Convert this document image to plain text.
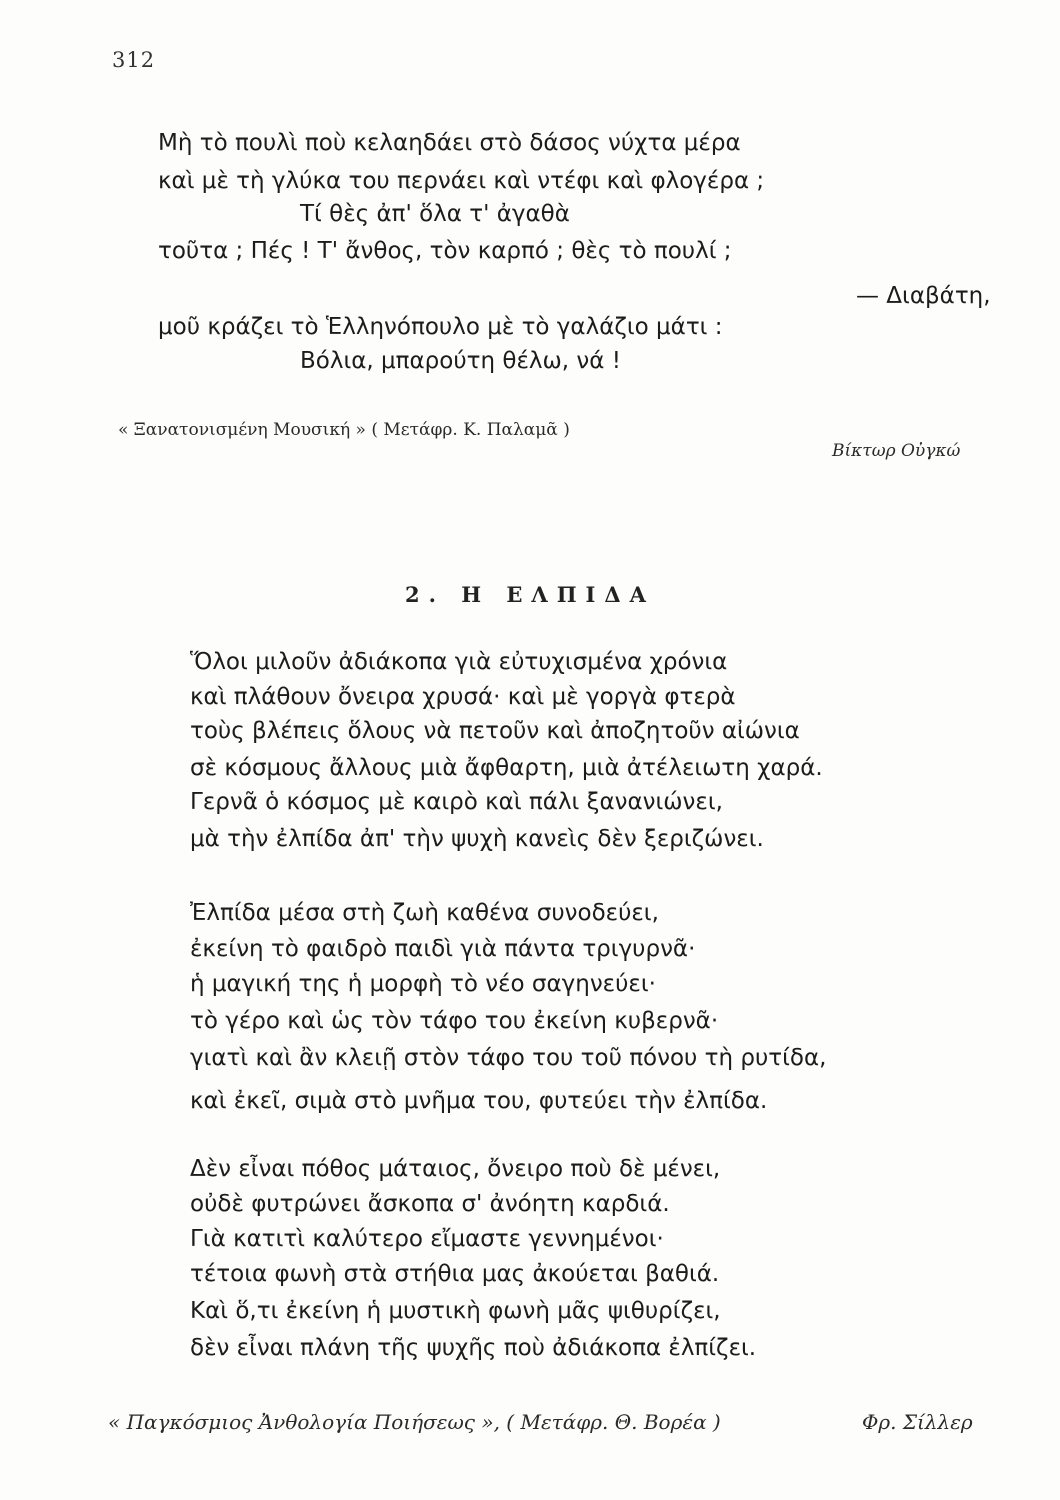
312
Μὴ τὸ πουλὶ ποὺ κελαηδάει στὸ δάσος νύχτα μέρα
καὶ μὲ τὴ γλύκα του περνάει καὶ ντέφι καὶ φλογέρα ;
Τί θὲς ἀπ' ὅλα τ' ἀγαθὰ
τοῦτα ; Πές ! Τ' ἄνθος, τὸν καρπό ; θὲς τὸ πουλί ;
— Διαβάτη,
μοῦ κράζει τὸ Ἑλληνόπουλο μὲ τὸ γαλάζιο μάτι :
Βόλια, μπαρούτη θέλω, νά !
« Ξανατονισμένη Μουσική » ( Μετάφρ. Κ. Παλαμᾶ )
Βίκτωρ Οὐγκώ
2. Η ΕΛΠΙΔΑ
Ὅλοι μιλοῦν ἀδιάκοπα γιὰ εὐτυχισμένα χρόνια
καὶ πλάθουν ὄνειρα χρυσά· καὶ μὲ γοργὰ φτερὰ
τοὺς βλέπεις ὅλους νὰ πετοῦν καὶ ἀποζητοῦν αἰώνια
σὲ κόσμους ἄλλους μιὰ ἄφθαρτη, μιὰ ἀτέλειωτη χαρά.
Γερνᾶ ὁ κόσμος μὲ καιρὸ καὶ πάλι ξανανιώνει,
μὰ τὴν ἐλπίδα ἀπ' τὴν ψυχὴ κανεὶς δὲν ξεριζώνει.
Ἐλπίδα μέσα στὴ ζωὴ καθένα συνοδεύει,
ἐκείνη τὸ φαιδρὸ παιδὶ γιὰ πάντα τριγυρνᾶ·
ἡ μαγική της ἡ μορφὴ τὸ νέο σαγηνεύει·
τὸ γέρο καὶ ὡς τὸν τάφο του ἐκείνη κυβερνᾶ·
γιατὶ καὶ ἂν κλειῇ στὸν τάφο του τοῦ πόνου τὴ ρυτίδα,
καὶ ἐκεῖ, σιμὰ στὸ μνῆμα του, φυτεύει τὴν ἐλπίδα.
Δὲν εἶναι πόθος μάταιος, ὄνειρο ποὺ δὲ μένει,
οὐδὲ φυτρώνει ἄσκοπα σ' ἀνόητη καρδιά.
Γιὰ κατιτὶ καλύτερο εἴμαστε γεννημένοι·
τέτοια φωνὴ στὰ στήθια μας ἀκούεται βαθιά.
Καὶ ὅ,τι ἐκείνη ἡ μυστικὴ φωνὴ μᾶς ψιθυρίζει,
δὲν εἶναι πλάνη τῆς ψυχῆς ποὺ ἀδιάκοπα ἐλπίζει.
« Παγκόσμιος Ἀνθολογία Ποιήσεως », ( Μετάφρ. Θ. Βορέα )	Φρ. Σίλλερ
